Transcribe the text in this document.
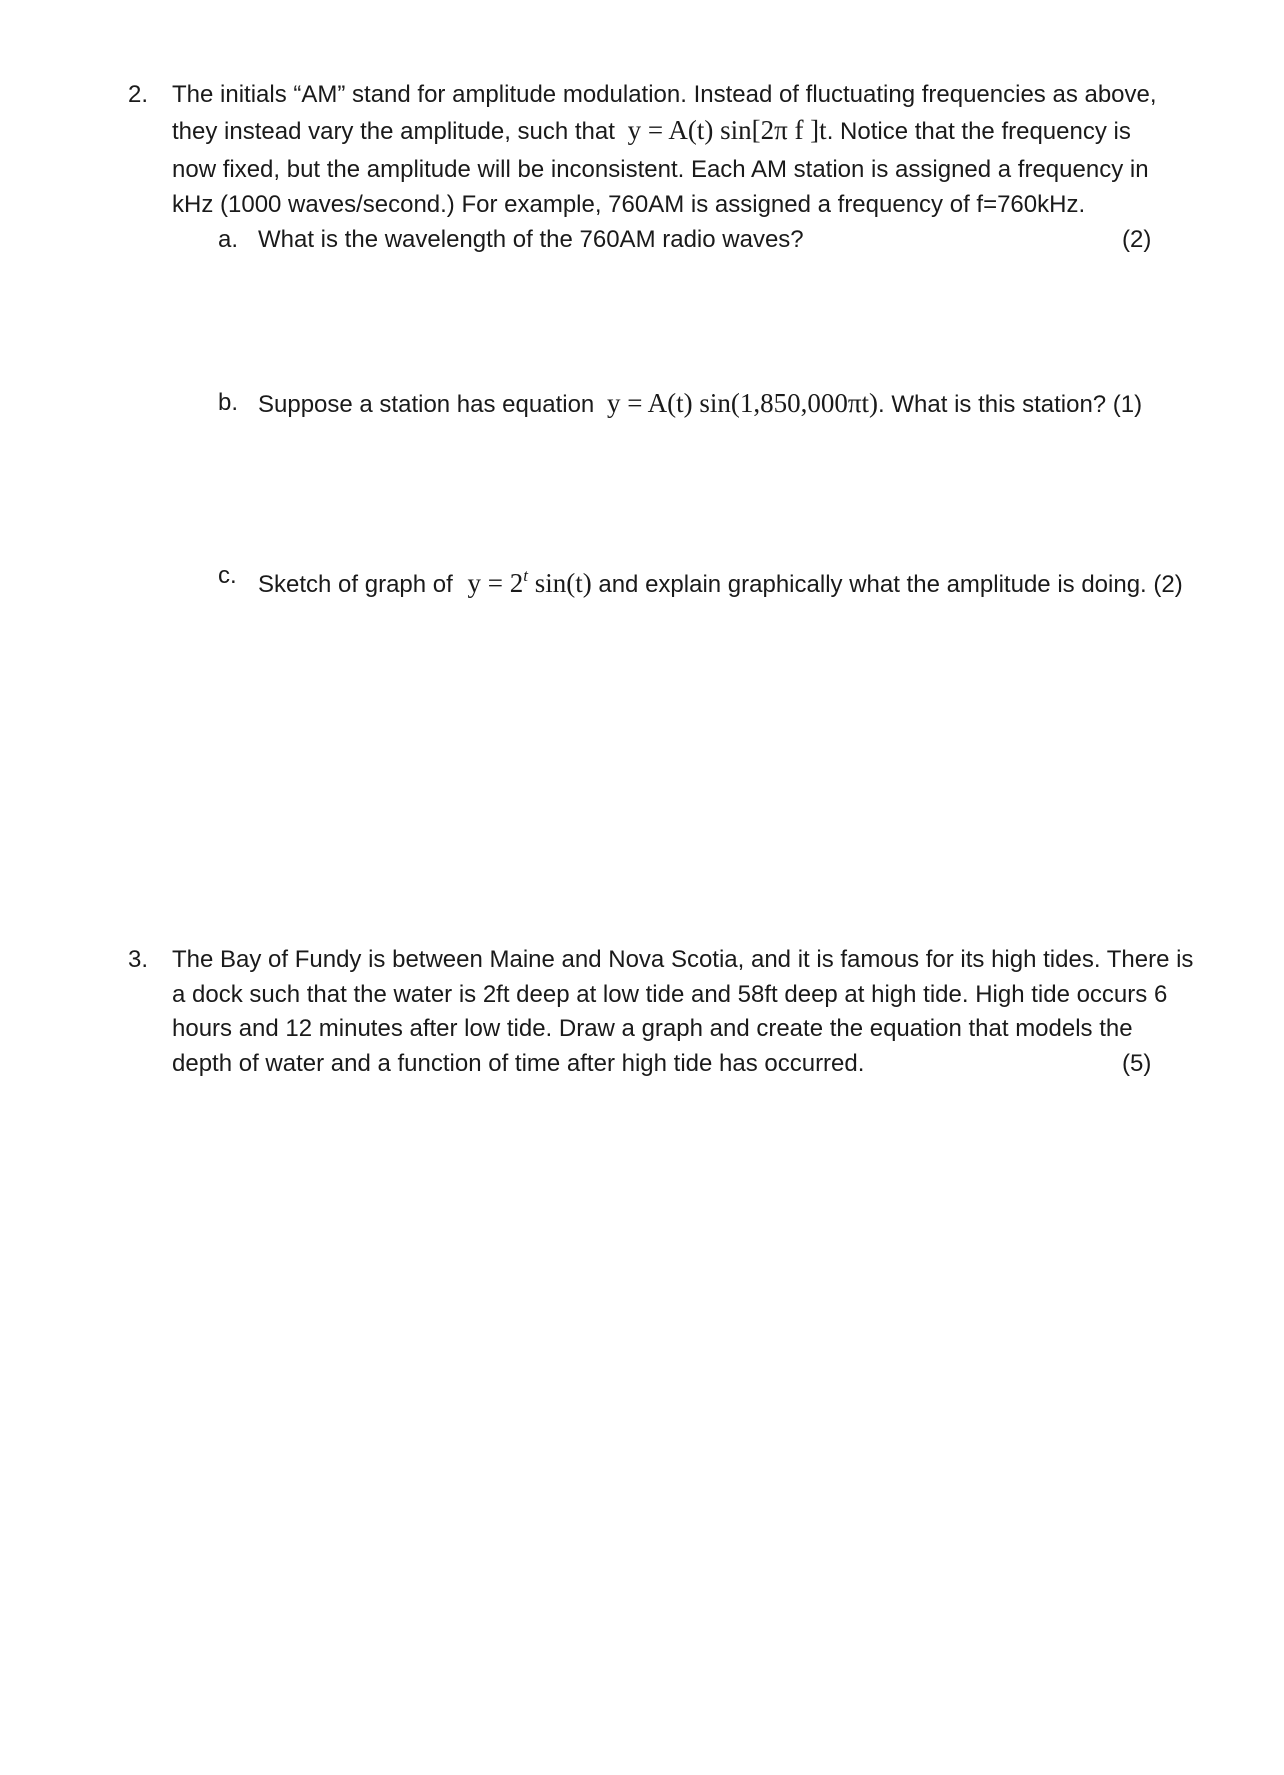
2. The initials “AM” stand for amplitude modulation. Instead of fluctuating frequencies as above,
they instead vary the amplitude, such that y = A(t) sin[2π f ]t. Notice that the frequency is
now fixed, but the amplitude will be inconsistent. Each AM station is assigned a frequency in
kHz (1000 waves/second.) For example, 760AM is assigned a frequency of f=760kHz.
a. What is the wavelength of the 760AM radio waves?	(2)
b. Suppose a station has equation y = A(t) sin(1,850,000πt). What is this station? (1)
c. Sketch of graph of $y = 2^t$ sin(t) and explain graphically what the amplitude is doing. (2)
3. The Bay of Fundy is between Maine and Nova Scotia, and it is famous for its high tides. There is
a dock such that the water is 2ft deep at low tide and 58ft deep at high tide. High tide occurs 6
hours and 12 minutes after low tide. Draw a graph and create the equation that models the
depth of water and a function of time after high tide has occurred.	(5)
